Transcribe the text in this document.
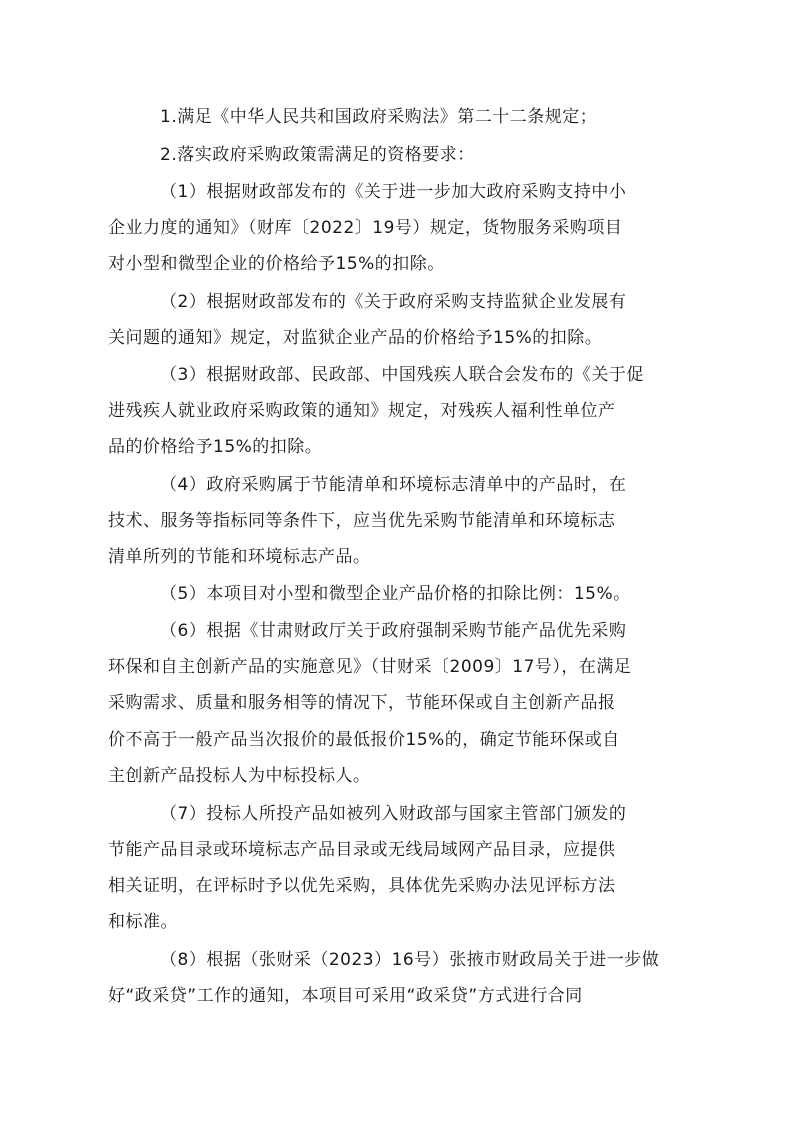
1.满足《中华人民共和国政府采购法》第二十二条规定；
2.落实政府采购政策需满足的资格要求：
（1）根据财政部发布的《关于进一步加大政府采购支持中小
企业力度的通知》（财库〔2022〕19号）规定，货物服务采购项目
对小型和微型企业的价格给予15%的扣除。
（2）根据财政部发布的《关于政府采购支持监狱企业发展有
关问题的通知》规定，对监狱企业产品的价格给予15%的扣除。
（3）根据财政部、民政部、中国残疾人联合会发布的《关于促
进残疾人就业政府采购政策的通知》规定，对残疾人福利性单位产
品的价格给予15%的扣除。
（4）政府采购属于节能清单和环境标志清单中的产品时，在
技术、服务等指标同等条件下，应当优先采购节能清单和环境标志
清单所列的节能和环境标志产品。
（5）本项目对小型和微型企业产品价格的扣除比例：15%。
（6）根据《甘肃财政厅关于政府强制采购节能产品优先采购
环保和自主创新产品的实施意见》（甘财采〔2009〕17号），在满足
采购需求、质量和服务相等的情况下，节能环保或自主创新产品报
价不高于一般产品当次报价的最低报价15%的，确定节能环保或自
主创新产品投标人为中标投标人。
（7）投标人所投产品如被列入财政部与国家主管部门颁发的
节能产品目录或环境标志产品目录或无线局域网产品目录，应提供
相关证明，在评标时予以优先采购，具体优先采购办法见评标方法
和标准。
（8）根据（张财采（2023）16号）张掖市财政局关于进一步做
好“政采贷”工作的通知，本项目可采用“政采贷”方式进行合同
